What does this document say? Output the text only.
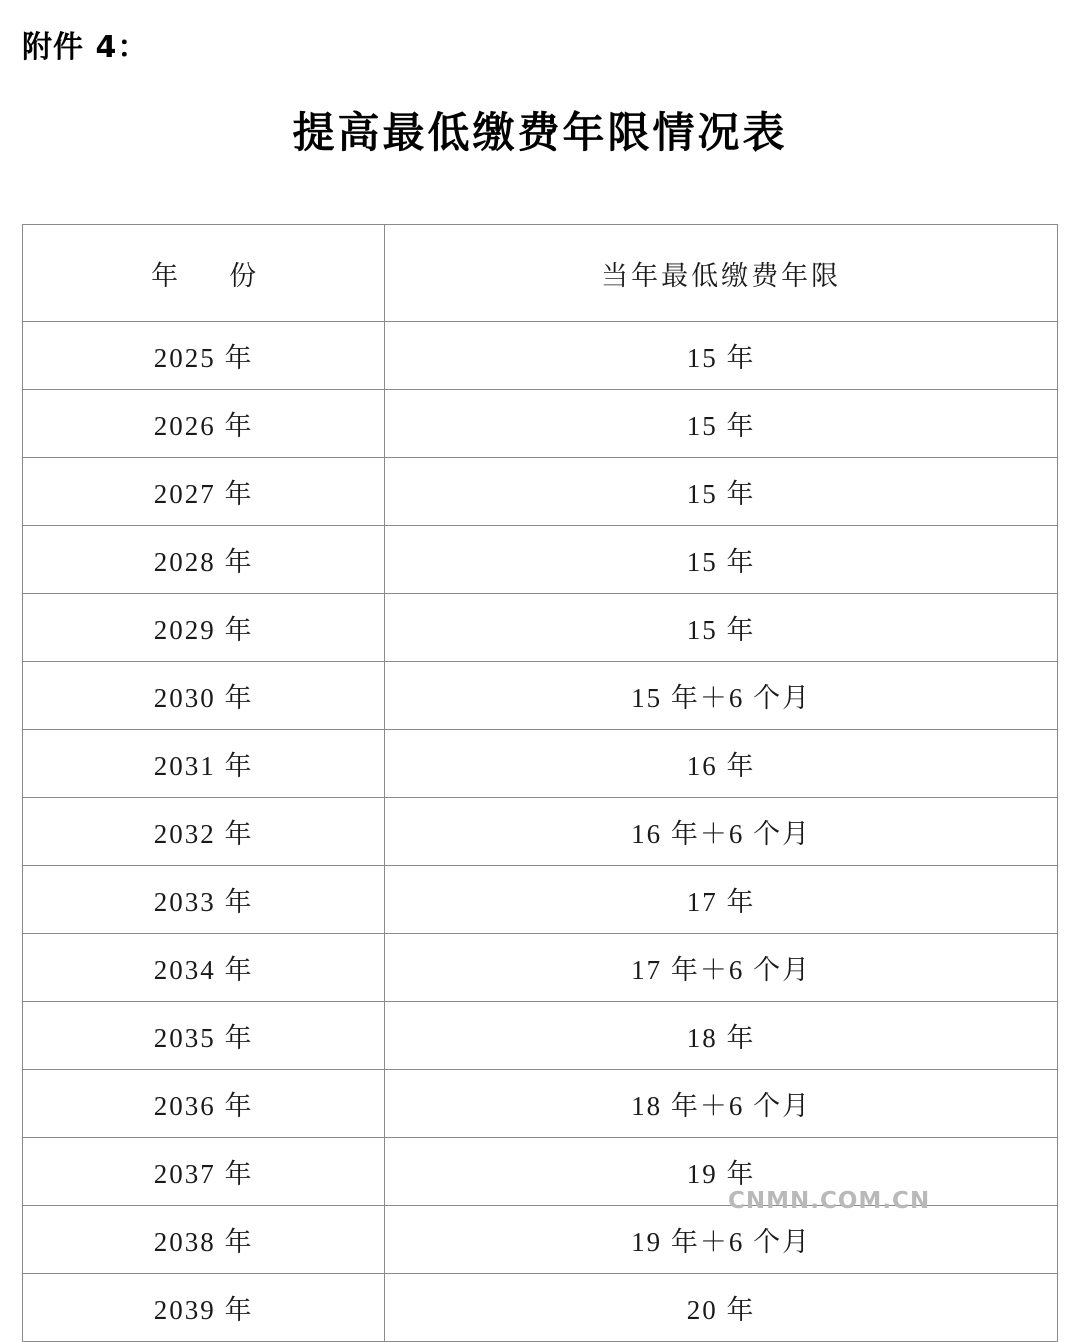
附件 4：
提高最低缴费年限情况表
年　份	当年最低缴费年限
2025 年	15 年
2026 年	15 年
2027 年	15 年
2028 年	15 年
2029 年	15 年
2030 年	15 年＋6 个月
2031 年	16 年
2032 年	16 年＋6 个月
2033 年	17 年
2034 年	17 年＋6 个月
2035 年	18 年
2036 年	18 年＋6 个月
2037 年	19 年
2038 年	19 年＋6 个月
2039 年	20 年
CNMN.COM.CN
